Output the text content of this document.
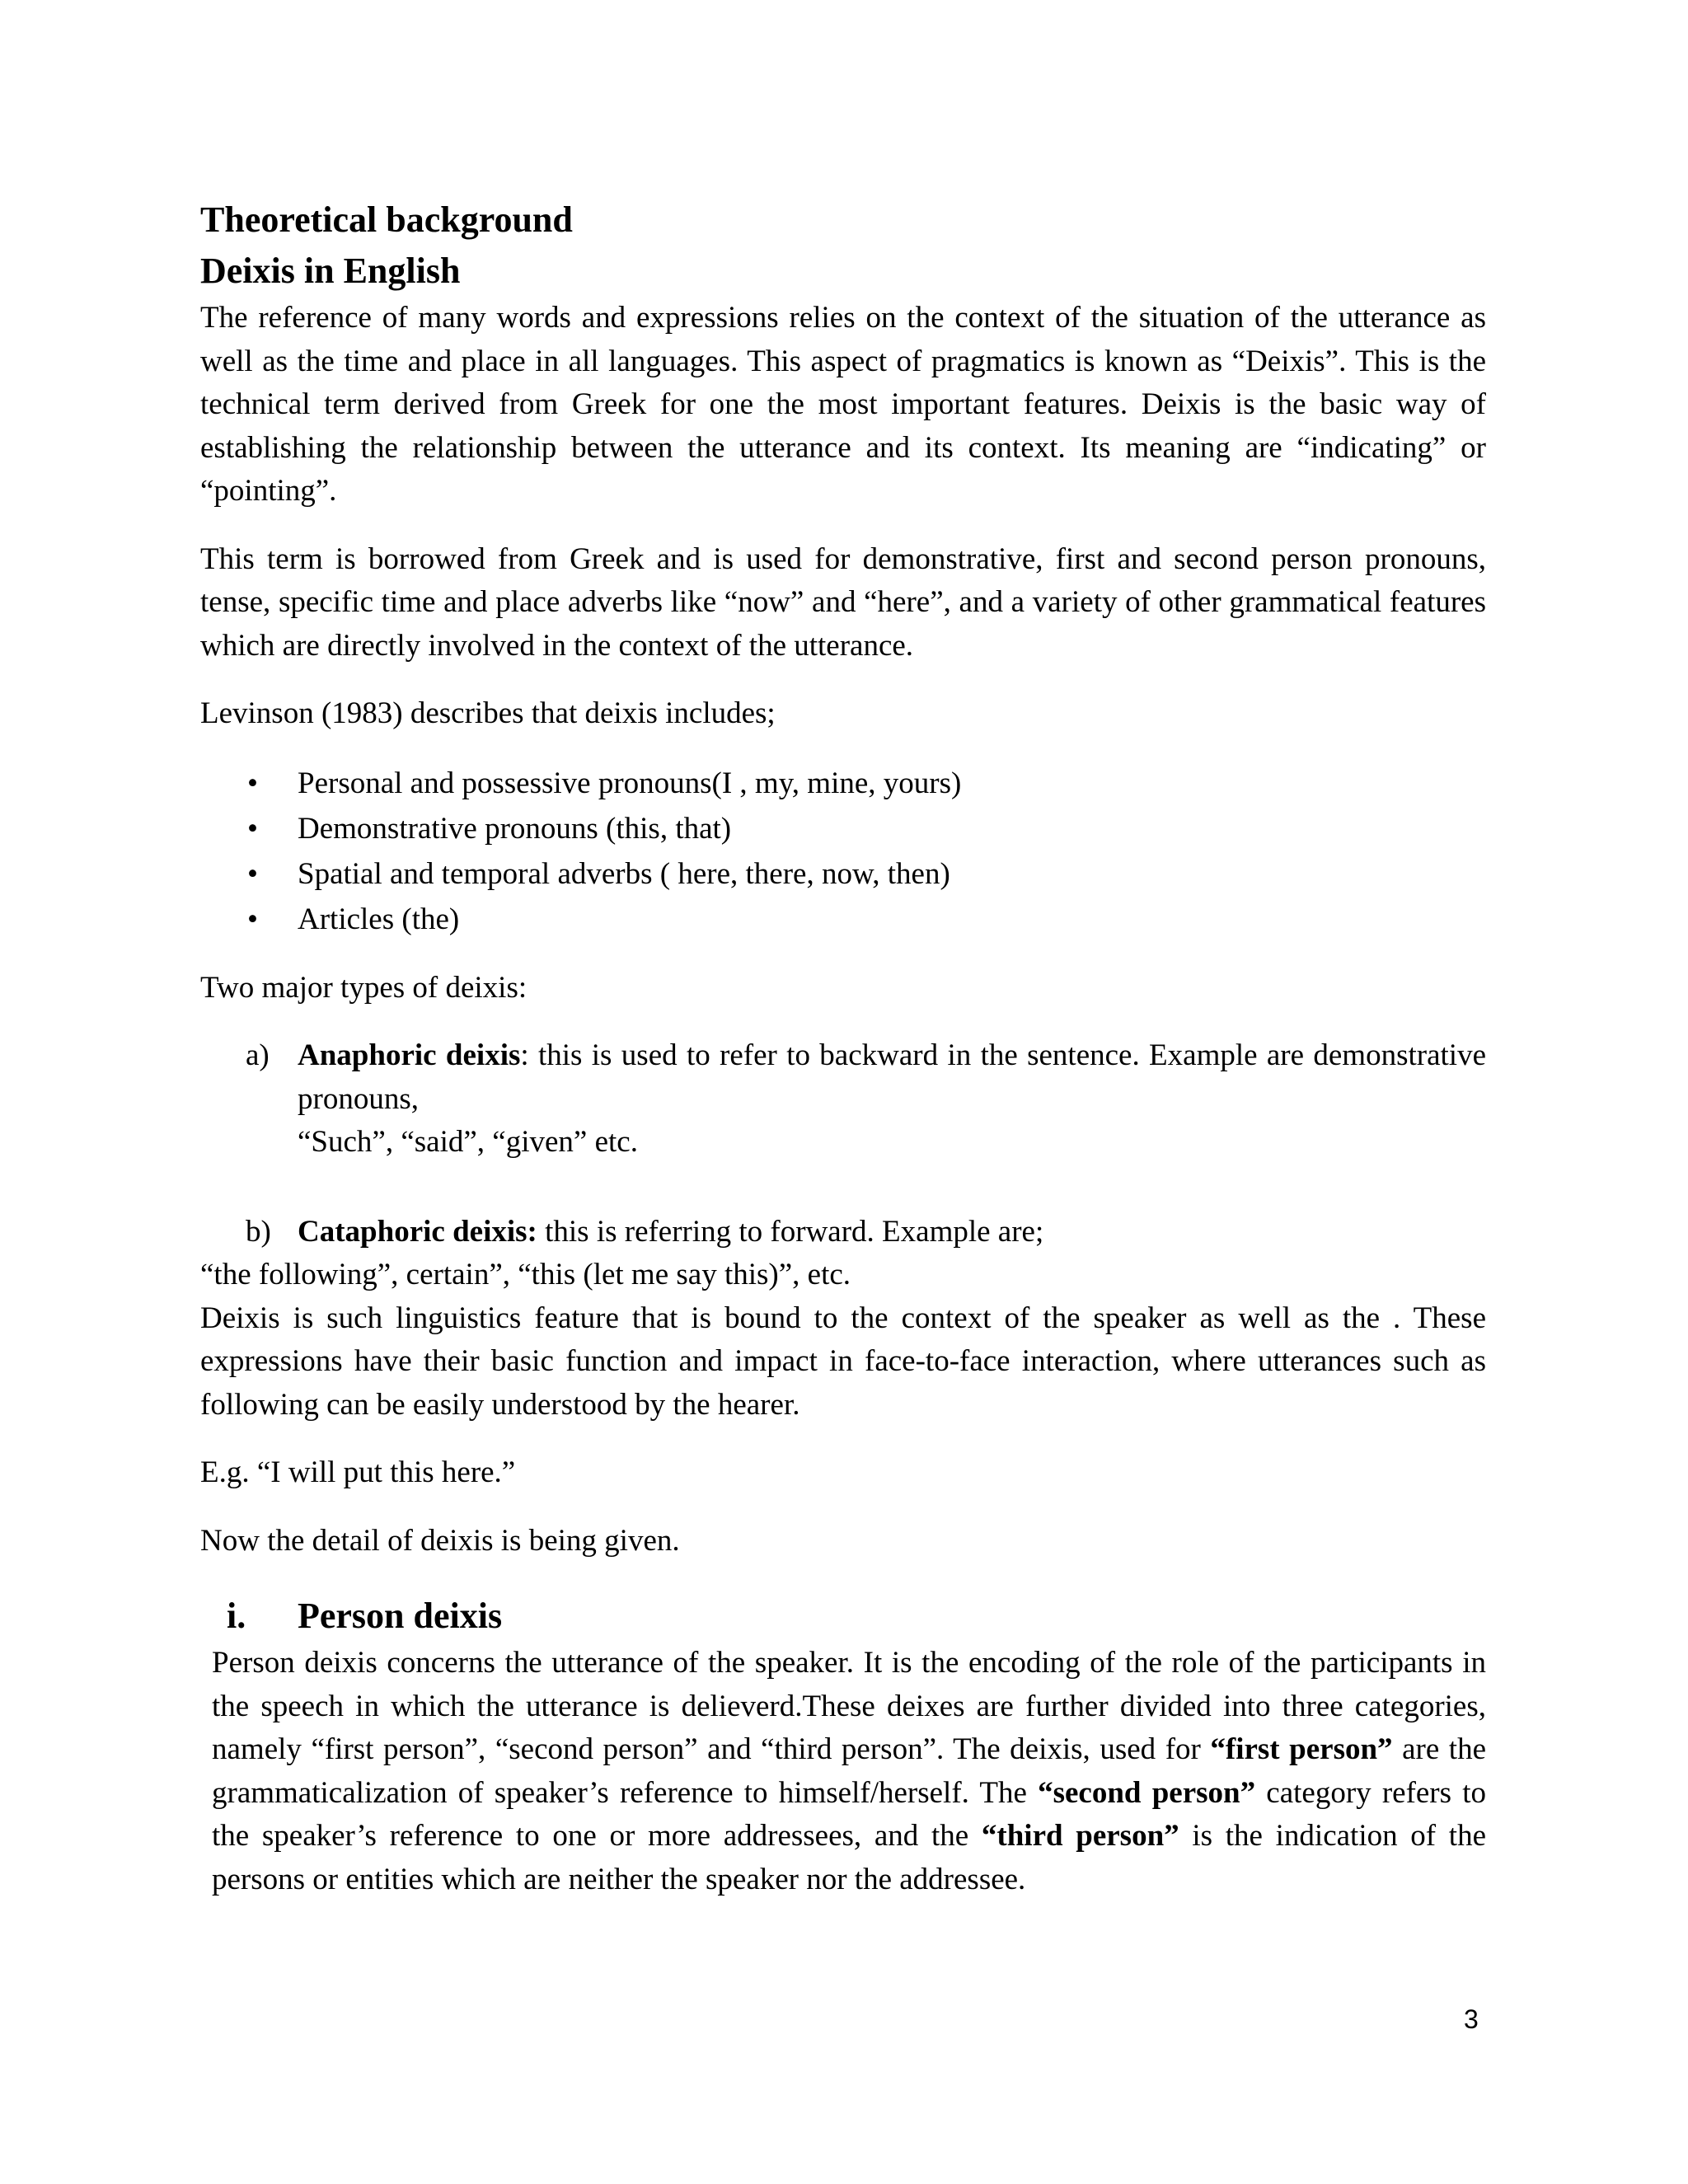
Theoretical background

Deixis in English

The reference of many words and expressions relies on the context of the situation of the utterance as well as the time and place in all languages. This aspect of pragmatics is known as “Deixis”. This is the technical term derived from Greek for one the most important features. Deixis is the basic way of establishing the relationship between the utterance and its context. Its meaning are “indicating” or “pointing”.

This term is borrowed from Greek and is used for demonstrative, first and second person pronouns, tense, specific time and place adverbs like “now” and “here”, and a variety of other grammatical features which are directly involved in the context of the utterance.

Levinson (1983) describes that deixis includes;

• Personal and possessive pronouns(I , my, mine, yours)
• Demonstrative pronouns (this, that)
• Spatial and temporal adverbs ( here, there, now, then)
• Articles (the)

Two major types of deixis:

a) Anaphoric deixis: this is used to refer to backward in the sentence. Example are demonstrative pronouns,
“Such”, “said”, “given” etc.
b) Cataphoric deixis: this is referring to forward. Example are;

“the following”, certain”, “this (let me say this)”, etc.

Deixis is such linguistics feature that is bound to the context of the speaker as well as the . These expressions have their basic function and impact in face-to-face interaction, where utterances such as following can be easily understood by the hearer.

E.g. “I will put this here.”

Now the detail of deixis is being given.

i. Person deixis

Person deixis concerns the utterance of the speaker. It is the encoding of the role of the participants in the speech in which the utterance is delieverd.These deixes are further divided into three categories, namely “first person”, “second person” and “third person”. The deixis, used for “first person” are the grammaticalization of speaker’s reference to himself/herself. The “second person” category refers to the speaker’s reference to one or more addressees, and the “third person” is the indication of the persons or entities which are neither the speaker nor the addressee.

3
